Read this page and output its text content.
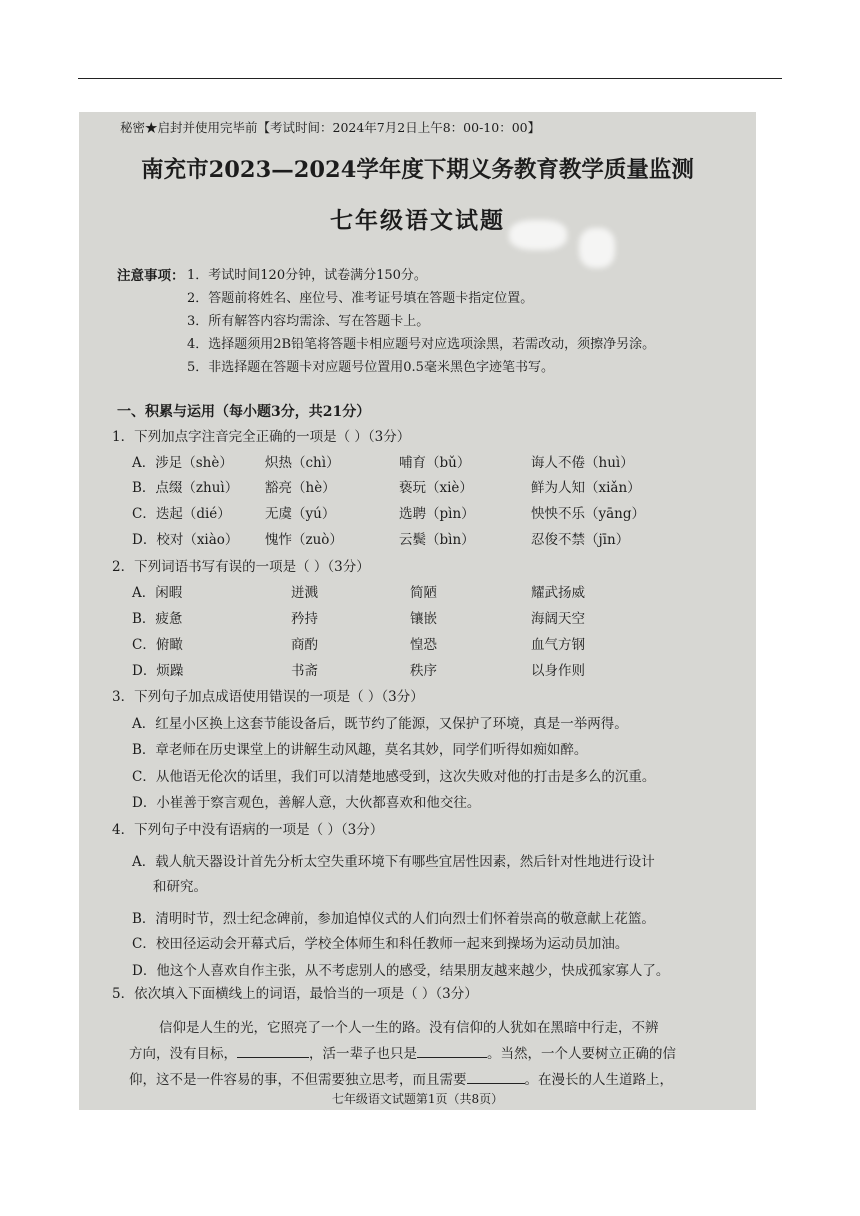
秘密★启封并使用完毕前【考试时间：2024年7月2日上午8：00-10：00】
南充市2023—2024学年度下期义务教育教学质量监测
七年级语文试题
注意事项： 1．考试时间120分钟，试卷满分150分。
2．答题前将姓名、座位号、准考证号填在答题卡指定位置。
3．所有解答内容均需涂、写在答题卡上。
4．选择题须用2B铅笔将答题卡相应题号对应选项涂黑，若需改动，须擦净另涂。
5．非选择题在答题卡对应题号位置用0.5毫米黑色字迹笔书写。
一、积累与运用（每小题3分，共21分）
1．下列加点字注音完全正确的一项是（ ）（3分）
A．涉足（shè） 炽热（chì）	哺育（bǔ）	诲人不倦（huì）
B．点缀（zhuì） 豁亮（hè）	亵玩（xiè）	鲜为人知（xiǎn）
C．迭起（dié）	无虞（yú）	选聘（pìn）	怏怏不乐（yāng）
D．校对（xiào） 愧怍（zuò）	云鬓（bìn）	忍俊不禁（jīn）
2．下列词语书写有误的一项是（ ）（3分）
A．闲暇	迸溅	简陋	耀武扬威
B．疲惫	矜持	镶嵌	海阔天空
C．俯瞰	商酌	惶恐	血气方钢
D．烦躁	书斋	秩序	以身作则
3．下列句子加点成语使用错误的一项是（ ）（3分）
A．红星小区换上这套节能设备后，既节约了能源，又保护了环境，真是一举两得。
B．章老师在历史课堂上的讲解生动风趣，莫名其妙，同学们听得如痴如醉。
C．从他语无伦次的话里，我们可以清楚地感受到，这次失败对他的打击是多么的沉重。
D．小崔善于察言观色，善解人意，大伙都喜欢和他交往。
4．下列句子中没有语病的一项是（ ）（3分）
A．载人航天器设计首先分析太空失重环境下有哪些宜居性因素，然后针对性地进行设计
和研究。
B．清明时节，烈士纪念碑前，参加追悼仪式的人们向烈士们怀着崇高的敬意献上花篮。
C．校田径运动会开幕式后，学校全体师生和科任教师一起来到操场为运动员加油。
D．他这个人喜欢自作主张，从不考虑别人的感受，结果朋友越来越少，快成孤家寡人了。
5．依次填入下面横线上的词语，最恰当的一项是（ ）（3分）
信仰是人生的光，它照亮了一个人一生的路。没有信仰的人犹如在黑暗中行走，不辨
方向，没有目标，	，活一辈子也只是	。当然，一个人要树立正确的信
仰，这不是一件容易的事，不但需要独立思考，而且需要	。在漫长的人生道路上，
七年级语文试题第1页（共8页）
